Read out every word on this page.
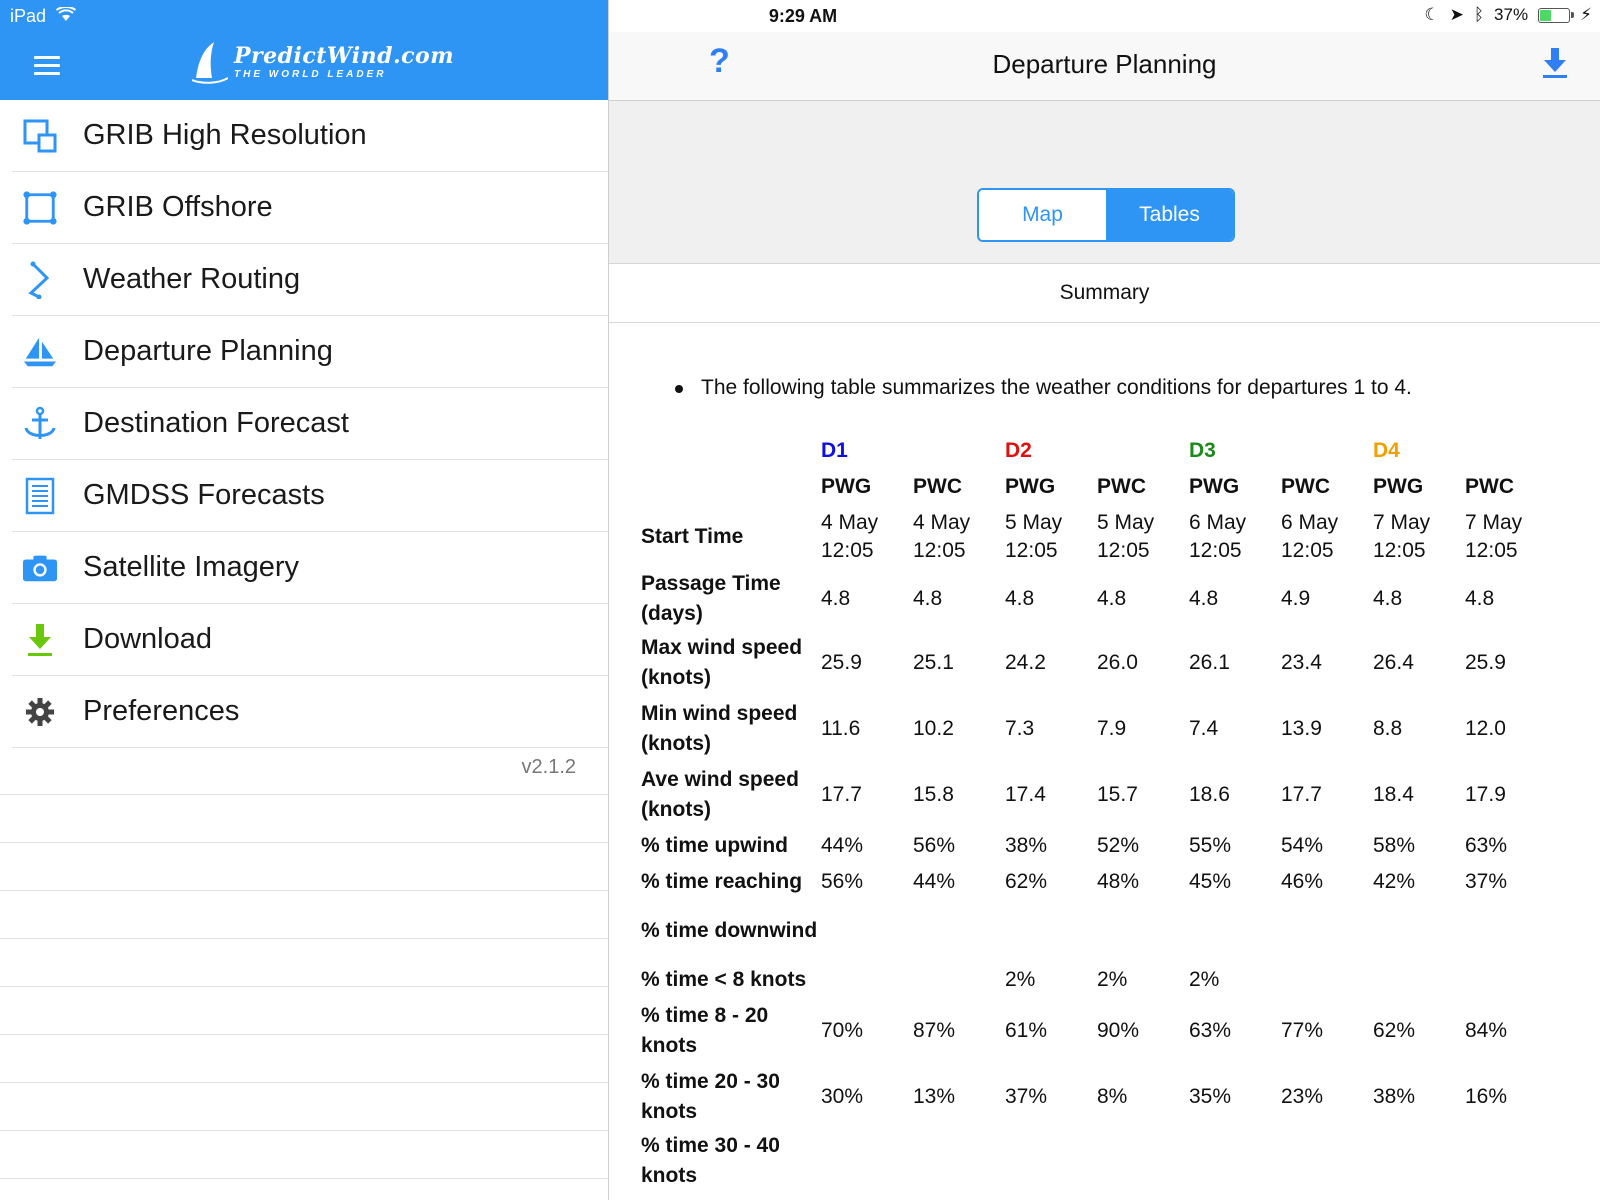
PredictWind.com
THE WORLD LEADER
GRIB High Resolution
GRIB Offshore
Weather Routing
Departure Planning
Destination Forecast
GMDSS Forecasts
Satellite Imagery
Download
Preferences
v2.1.2
iPad
?	Departure Planning
Map	Tables
Summary
The following table summarizes the weather conditions for departures 1 to 4.
	D1		D2		D3		D4	
	PWG	PWC	PWG	PWC	PWG	PWC	PWG	PWC
Start Time	4 May 12:05	4 May 12:05	5 May 12:05	5 May 12:05	6 May 12:05	6 May 12:05	7 May 12:05	7 May 12:05
Passage Time (days)	4.8	4.8	4.8	4.8	4.8	4.9	4.8	4.8
Max wind speed (knots)	25.9	25.1	24.2	26.0	26.1	23.4	26.4	25.9
Min wind speed (knots)	11.6	10.2	7.3	7.9	7.4	13.9	8.8	12.0
Ave wind speed (knots)	17.7	15.8	17.4	15.7	18.6	17.7	18.4	17.9
% time upwind	44%	56%	38%	52%	55%	54%	58%	63%
% time reaching	56%	44%	62%	48%	45%	46%	42%	37%
% time downwind								
% time < 8 knots			2%	2%	2%			
% time 8 - 20 knots	70%	87%	61%	90%	63%	77%	62%	84%
% time 20 - 30 knots	30%	13%	37%	8%	35%	23%	38%	16%
% time 30 - 40 knots								
9:29 AM	☾ ➤ ᛒ 37%	⚡
